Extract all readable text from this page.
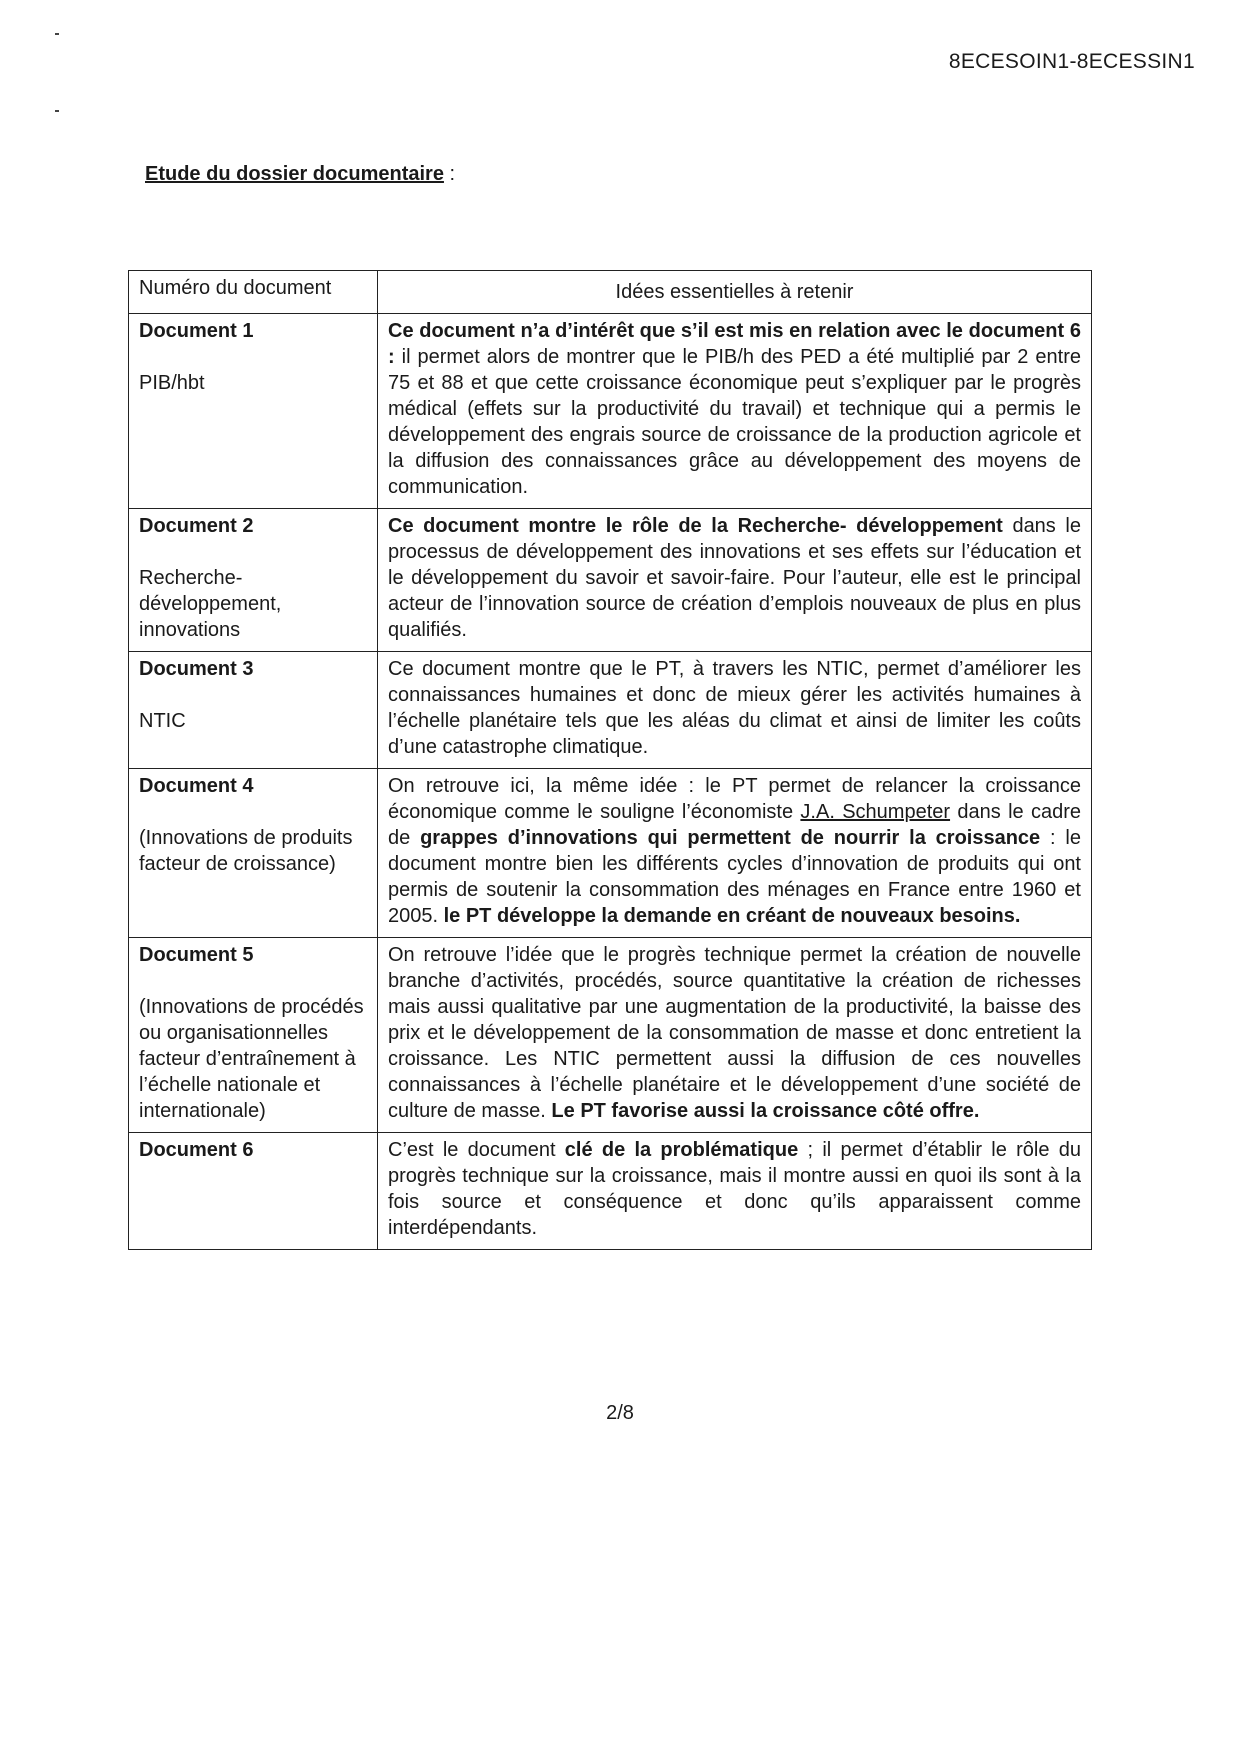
8ECESOIN1-8ECESSIN1
Etude du dossier documentaire :
Numéro du document	Idées essentielles à retenir

Document 1
PIB/hbt	Ce document n’a d’intérêt que s’il est mis en relation avec le document 6 : il permet alors de montrer que le PIB/h des PED a été multiplié par 2 entre 75 et 88 et que cette croissance économique peut s’expliquer par le progrès médical (effets sur la productivité du travail) et technique qui a permis le développement des engrais source de croissance de la production agricole et la diffusion des connaissances grâce au développement des moyens de communication.

Document 2
Recherche-développement, innovations	Ce document montre le rôle de la Recherche- développement dans le processus de développement des innovations et ses effets sur l’éducation et le développement du savoir et savoir-faire. Pour l’auteur, elle est le principal acteur de l’innovation source de création d’emplois nouveaux de plus en plus qualifiés.

Document 3
NTIC	Ce document montre que le PT, à travers les NTIC, permet d’améliorer les connaissances humaines et donc de mieux gérer les activités humaines à l’échelle planétaire tels que les aléas du climat et ainsi de limiter les coûts d’une catastrophe climatique.

Document 4
(Innovations de produits facteur de croissance)	On retrouve ici, la même idée : le PT permet de relancer la croissance économique comme le souligne l’économiste J.A. Schumpeter dans le cadre de grappes d’innovations qui permettent de nourrir la croissance : le document montre bien les différents cycles d’innovation de produits qui ont permis de soutenir la consommation des ménages en France entre 1960 et 2005. le PT développe la demande en créant de nouveaux besoins.

Document 5
(Innovations de procédés ou organisationnelles facteur d’entraînement à l’échelle nationale et internationale)	On retrouve l’idée que le progrès technique permet la création de nouvelle branche d’activités, procédés, source quantitative la création de richesses mais aussi qualitative par une augmentation de la productivité, la baisse des prix et le développement de la consommation de masse et donc entretient la croissance. Les NTIC permettent aussi la diffusion de ces nouvelles connaissances à l’échelle planétaire et le développement d’une société de culture de masse. Le PT favorise aussi la croissance côté offre.

Document 6	C’est le document clé de la problématique ; il permet d’établir le rôle du progrès technique sur la croissance, mais il montre aussi en quoi ils sont à la fois source et conséquence et donc qu’ils apparaissent comme interdépendants.
2/8
